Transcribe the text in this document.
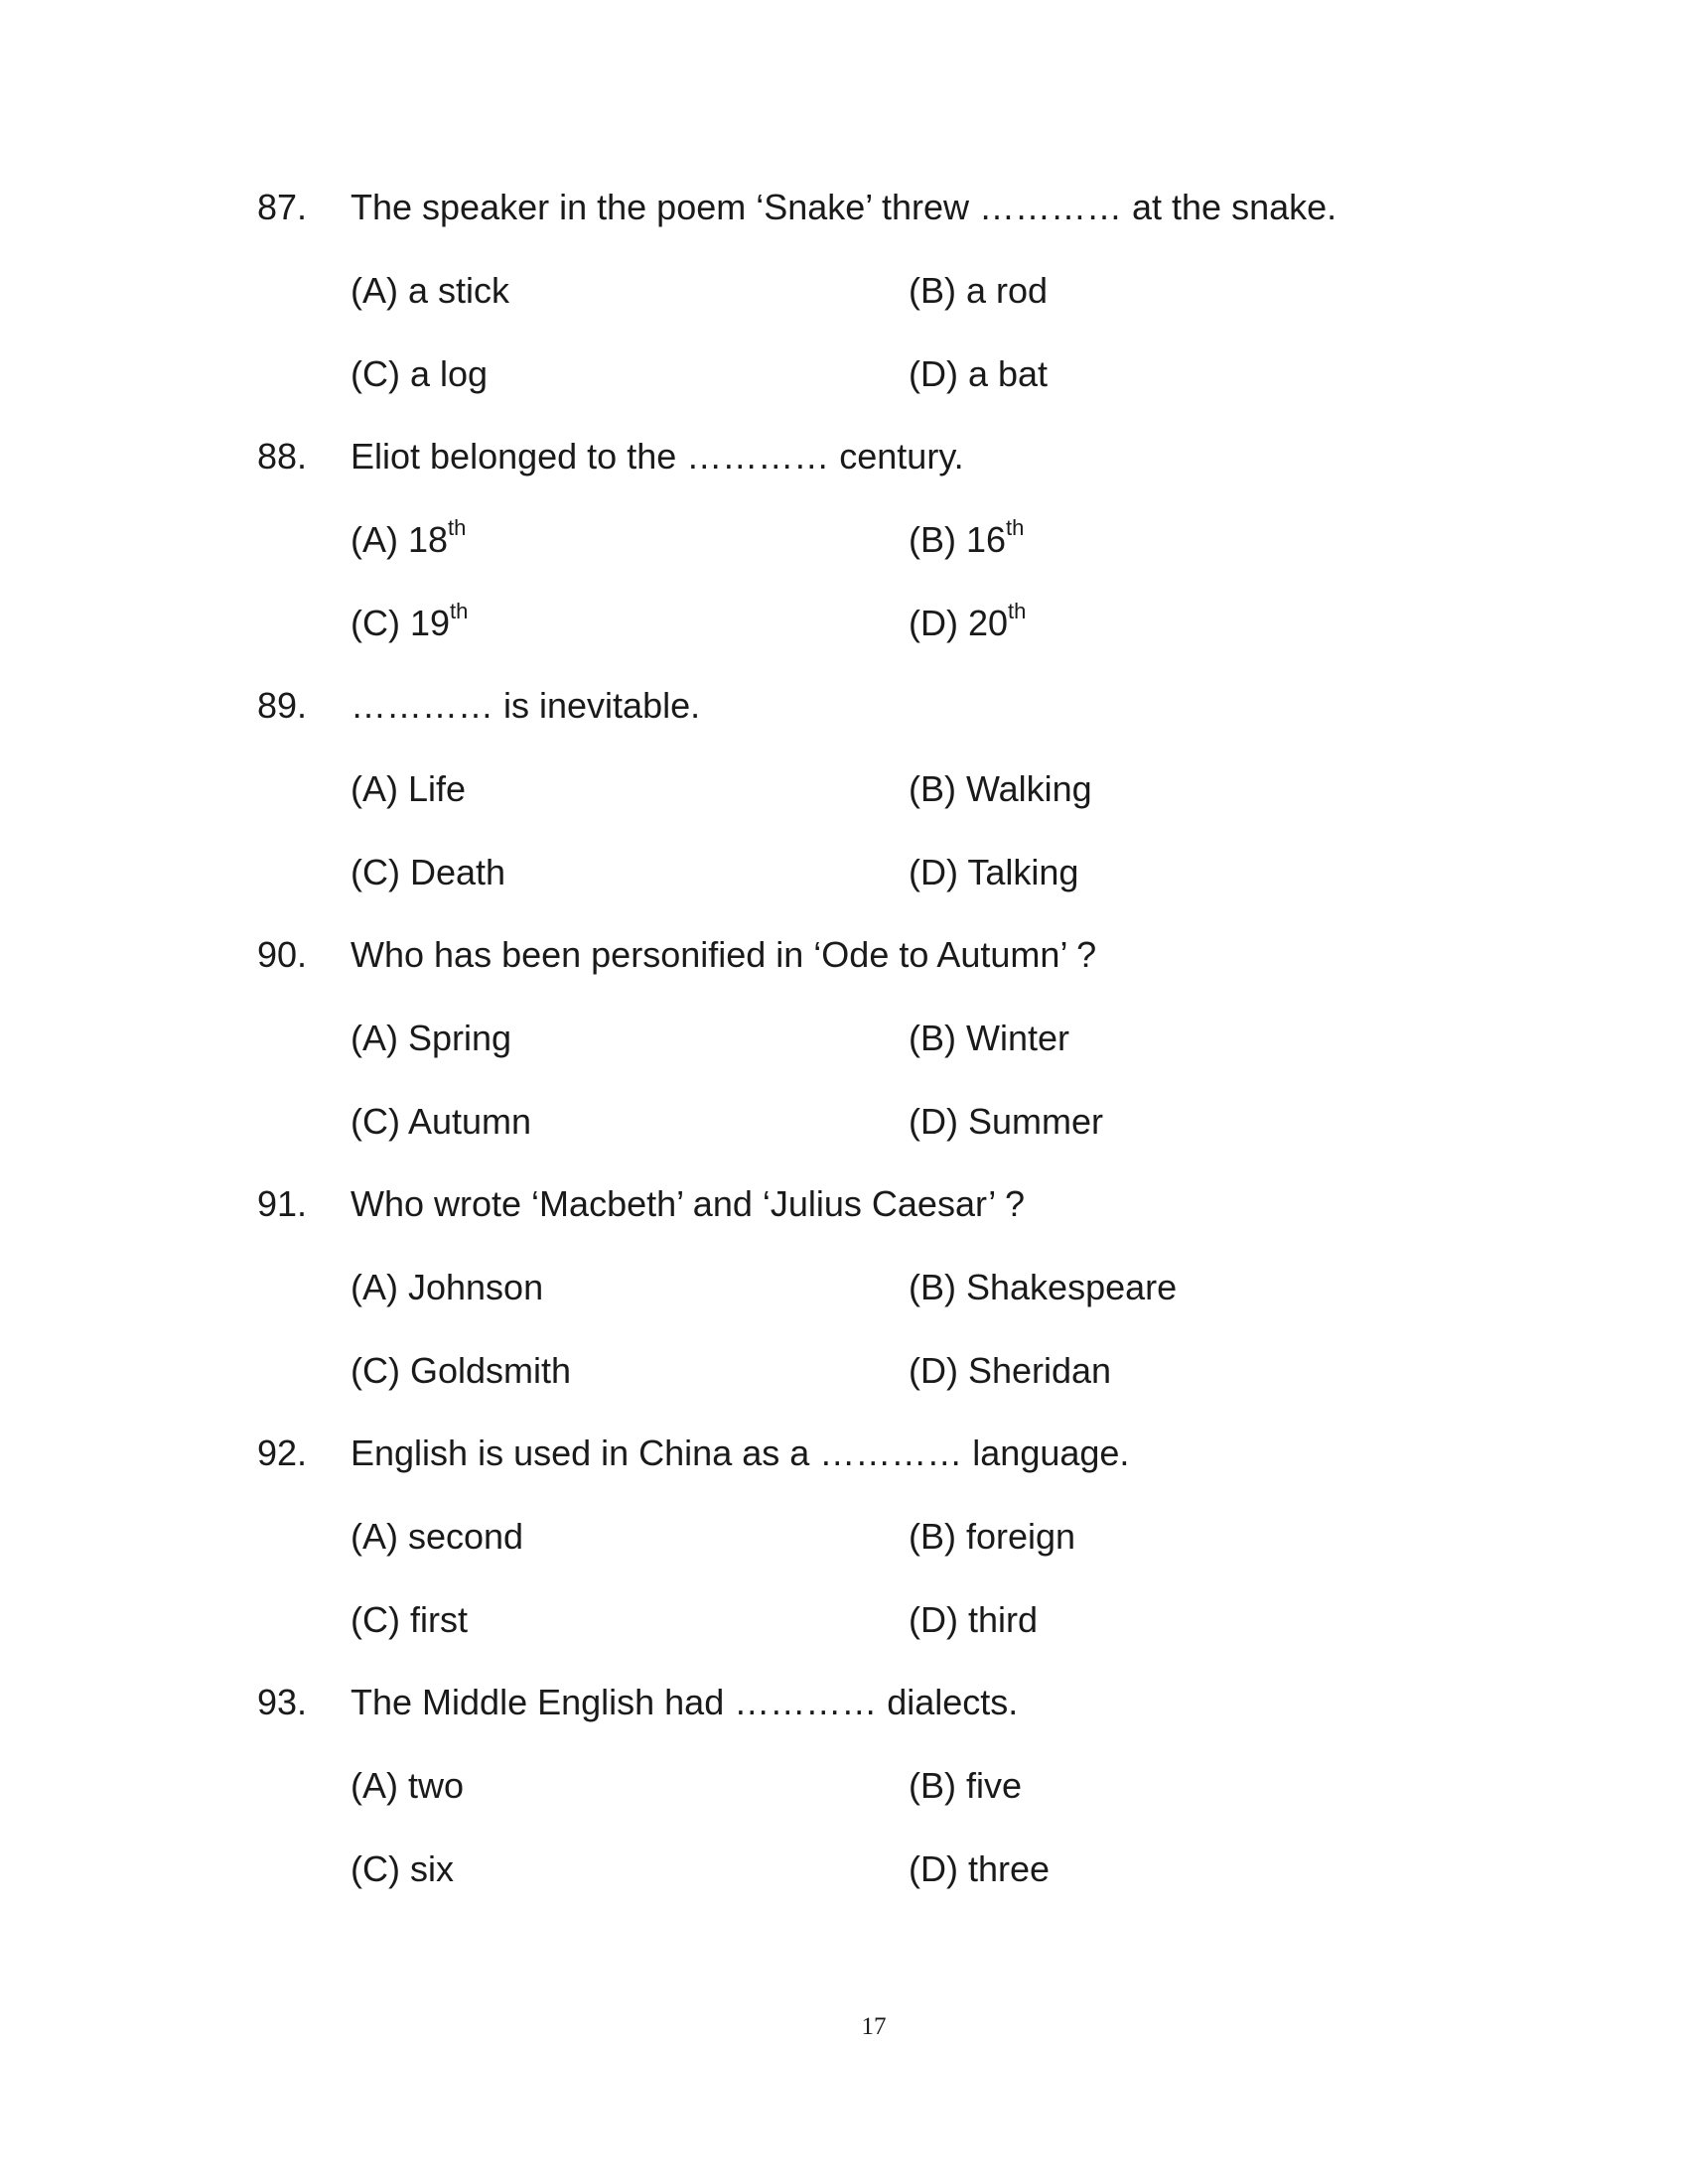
87. The speaker in the poem ‘Snake’ threw ………… at the snake.
(A) a stick	(B) a rod
(C) a log	(D) a bat
88. Eliot belonged to the ………… century.
(A) 18th	(B) 16th
(C) 19th	(D) 20th
89. ………… is inevitable.
(A) Life	(B) Walking
(C) Death	(D) Talking
90. Who has been personified in ‘Ode to Autumn’ ?
(A) Spring	(B) Winter
(C) Autumn	(D) Summer
91. Who wrote ‘Macbeth’ and ‘Julius Caesar’ ?
(A) Johnson	(B) Shakespeare
(C) Goldsmith	(D) Sheridan
92. English is used in China as a ………… language.
(A) second	(B) foreign
(C) first	(D) third
93. The Middle English had ………… dialects.
(A) two	(B) five
(C) six	(D) three
17
